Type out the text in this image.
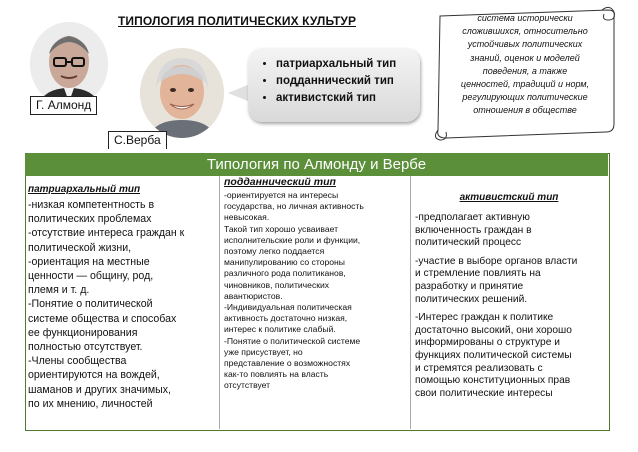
ТИПОЛОГИЯ ПОЛИТИЧЕСКИХ КУЛЬТУР
Г. Алмонд
С.Верба
• патриархальный тип
• подданнический тип
• активистский тип
система исторически
сложившихся, относительно
устойчивых политических
знаний, оценок и моделей
поведения, а также
ценностей, традиций и норм,
регулирующих политические
отношения в обществе
Типология по Алмонду и Вербе
патриархальный тип
-низкая компетентность в
политических проблемах
-отсутствие интереса граждан к
политической жизни,
-ориентация на местные
ценности — общину, род,
племя и т. д.
-Понятие о политической
системе общества и способах
ее функционирования
полностью отсутствует.
-Члены сообщества
ориентируются на вождей,
шаманов и других значимых,
по их мнению, личностей
подданнический тип
-ориентируется на интересы
государства, но личная активность
невысокая.
Такой тип хорошо усваивает
исполнительские роли и функции,
поэтому легко поддается
манипулированию со стороны
различного рода политиканов,
чиновников, политических
авантюристов.
-Индивидуальная политическая
активность достаточно низкая,
интерес к политике слабый.
-Понятие о политической системе
уже присуствует, но
представление о возможностях
как-то повлиять на власть
отсутствует
активистский тип
-предполагает активную
включенность граждан в
политический процесс
-участие в выборе органов власти
и стремление повлиять на
разработку и принятие
политических решений.
-Интерес граждан к политике
достаточно высокий, они хорошо
информированы о структуре и
функциях политической системы
и стремятся реализовать с
помощью конституционных прав
свои политические интересы
